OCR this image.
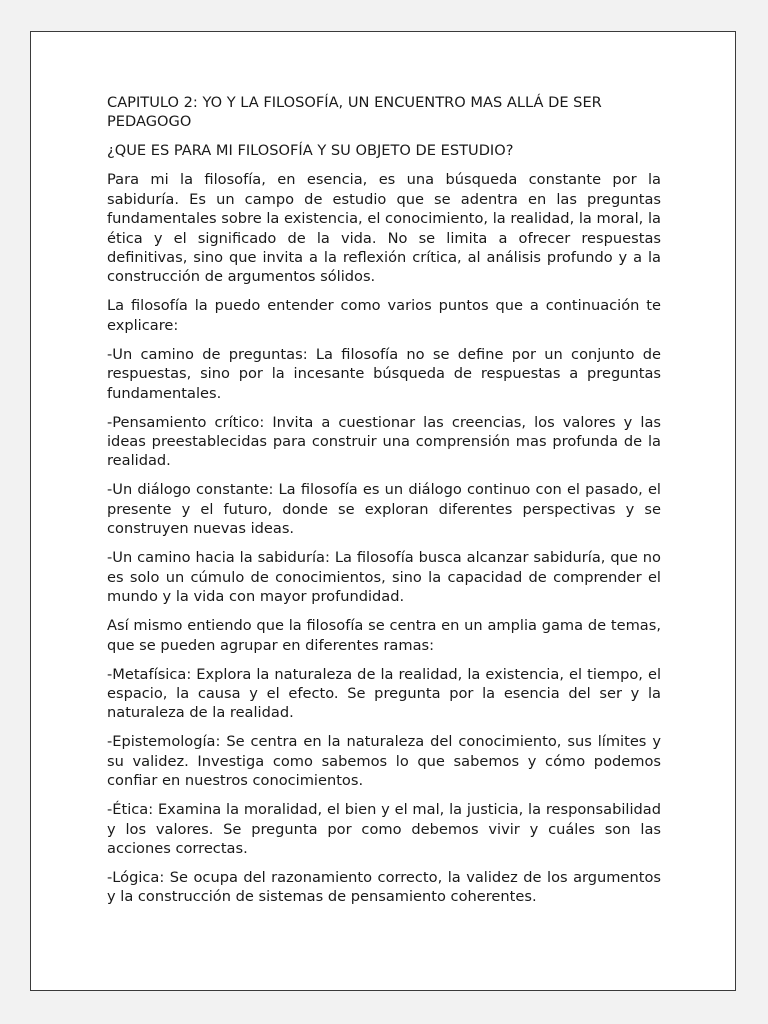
CAPITULO 2: YO Y LA FILOSOFÍA, UN ENCUENTRO MAS ALLÁ DE SER PEDAGOGO

¿QUE ES PARA MI FILOSOFÍA Y SU OBJETO DE ESTUDIO?

Para mi la filosofía, en esencia, es una búsqueda constante por la sabiduría. Es un campo de estudio que se adentra en las preguntas fundamentales sobre la existencia, el conocimiento, la realidad, la moral, la ética y el significado de la vida. No se limita a ofrecer respuestas definitivas, sino que invita a la reflexión crítica, al análisis profundo y a la construcción de argumentos sólidos.

La filosofía la puedo entender como varios puntos que a continuación te explicare:

-Un camino de preguntas: La filosofía no se define por un conjunto de respuestas, sino por la incesante búsqueda de respuestas a preguntas fundamentales.

-Pensamiento crítico: Invita a cuestionar las creencias, los valores y las ideas preestablecidas para construir una comprensión mas profunda de la realidad.

-Un diálogo constante: La filosofía es un diálogo continuo con el pasado, el presente y el futuro, donde se exploran diferentes perspectivas y se construyen nuevas ideas.

-Un camino hacia la sabiduría: La filosofía busca alcanzar sabiduría, que no es solo un cúmulo de conocimientos, sino la capacidad de comprender el mundo y la vida con mayor profundidad.

Así mismo entiendo que la filosofía se centra en un amplia gama de temas, que se pueden agrupar en diferentes ramas:

-Metafísica: Explora la naturaleza de la realidad, la existencia, el tiempo, el espacio, la causa y el efecto. Se pregunta por la esencia del ser y la naturaleza de la realidad.

-Epistemología: Se centra en la naturaleza del conocimiento, sus límites y su validez. Investiga como sabemos lo que sabemos y cómo podemos confiar en nuestros conocimientos.

-Ética: Examina la moralidad, el bien y el mal, la justicia, la responsabilidad y los valores. Se pregunta por como debemos vivir y cuáles son las acciones correctas.

-Lógica: Se ocupa del razonamiento correcto, la validez de los argumentos y la construcción de sistemas de pensamiento coherentes.
